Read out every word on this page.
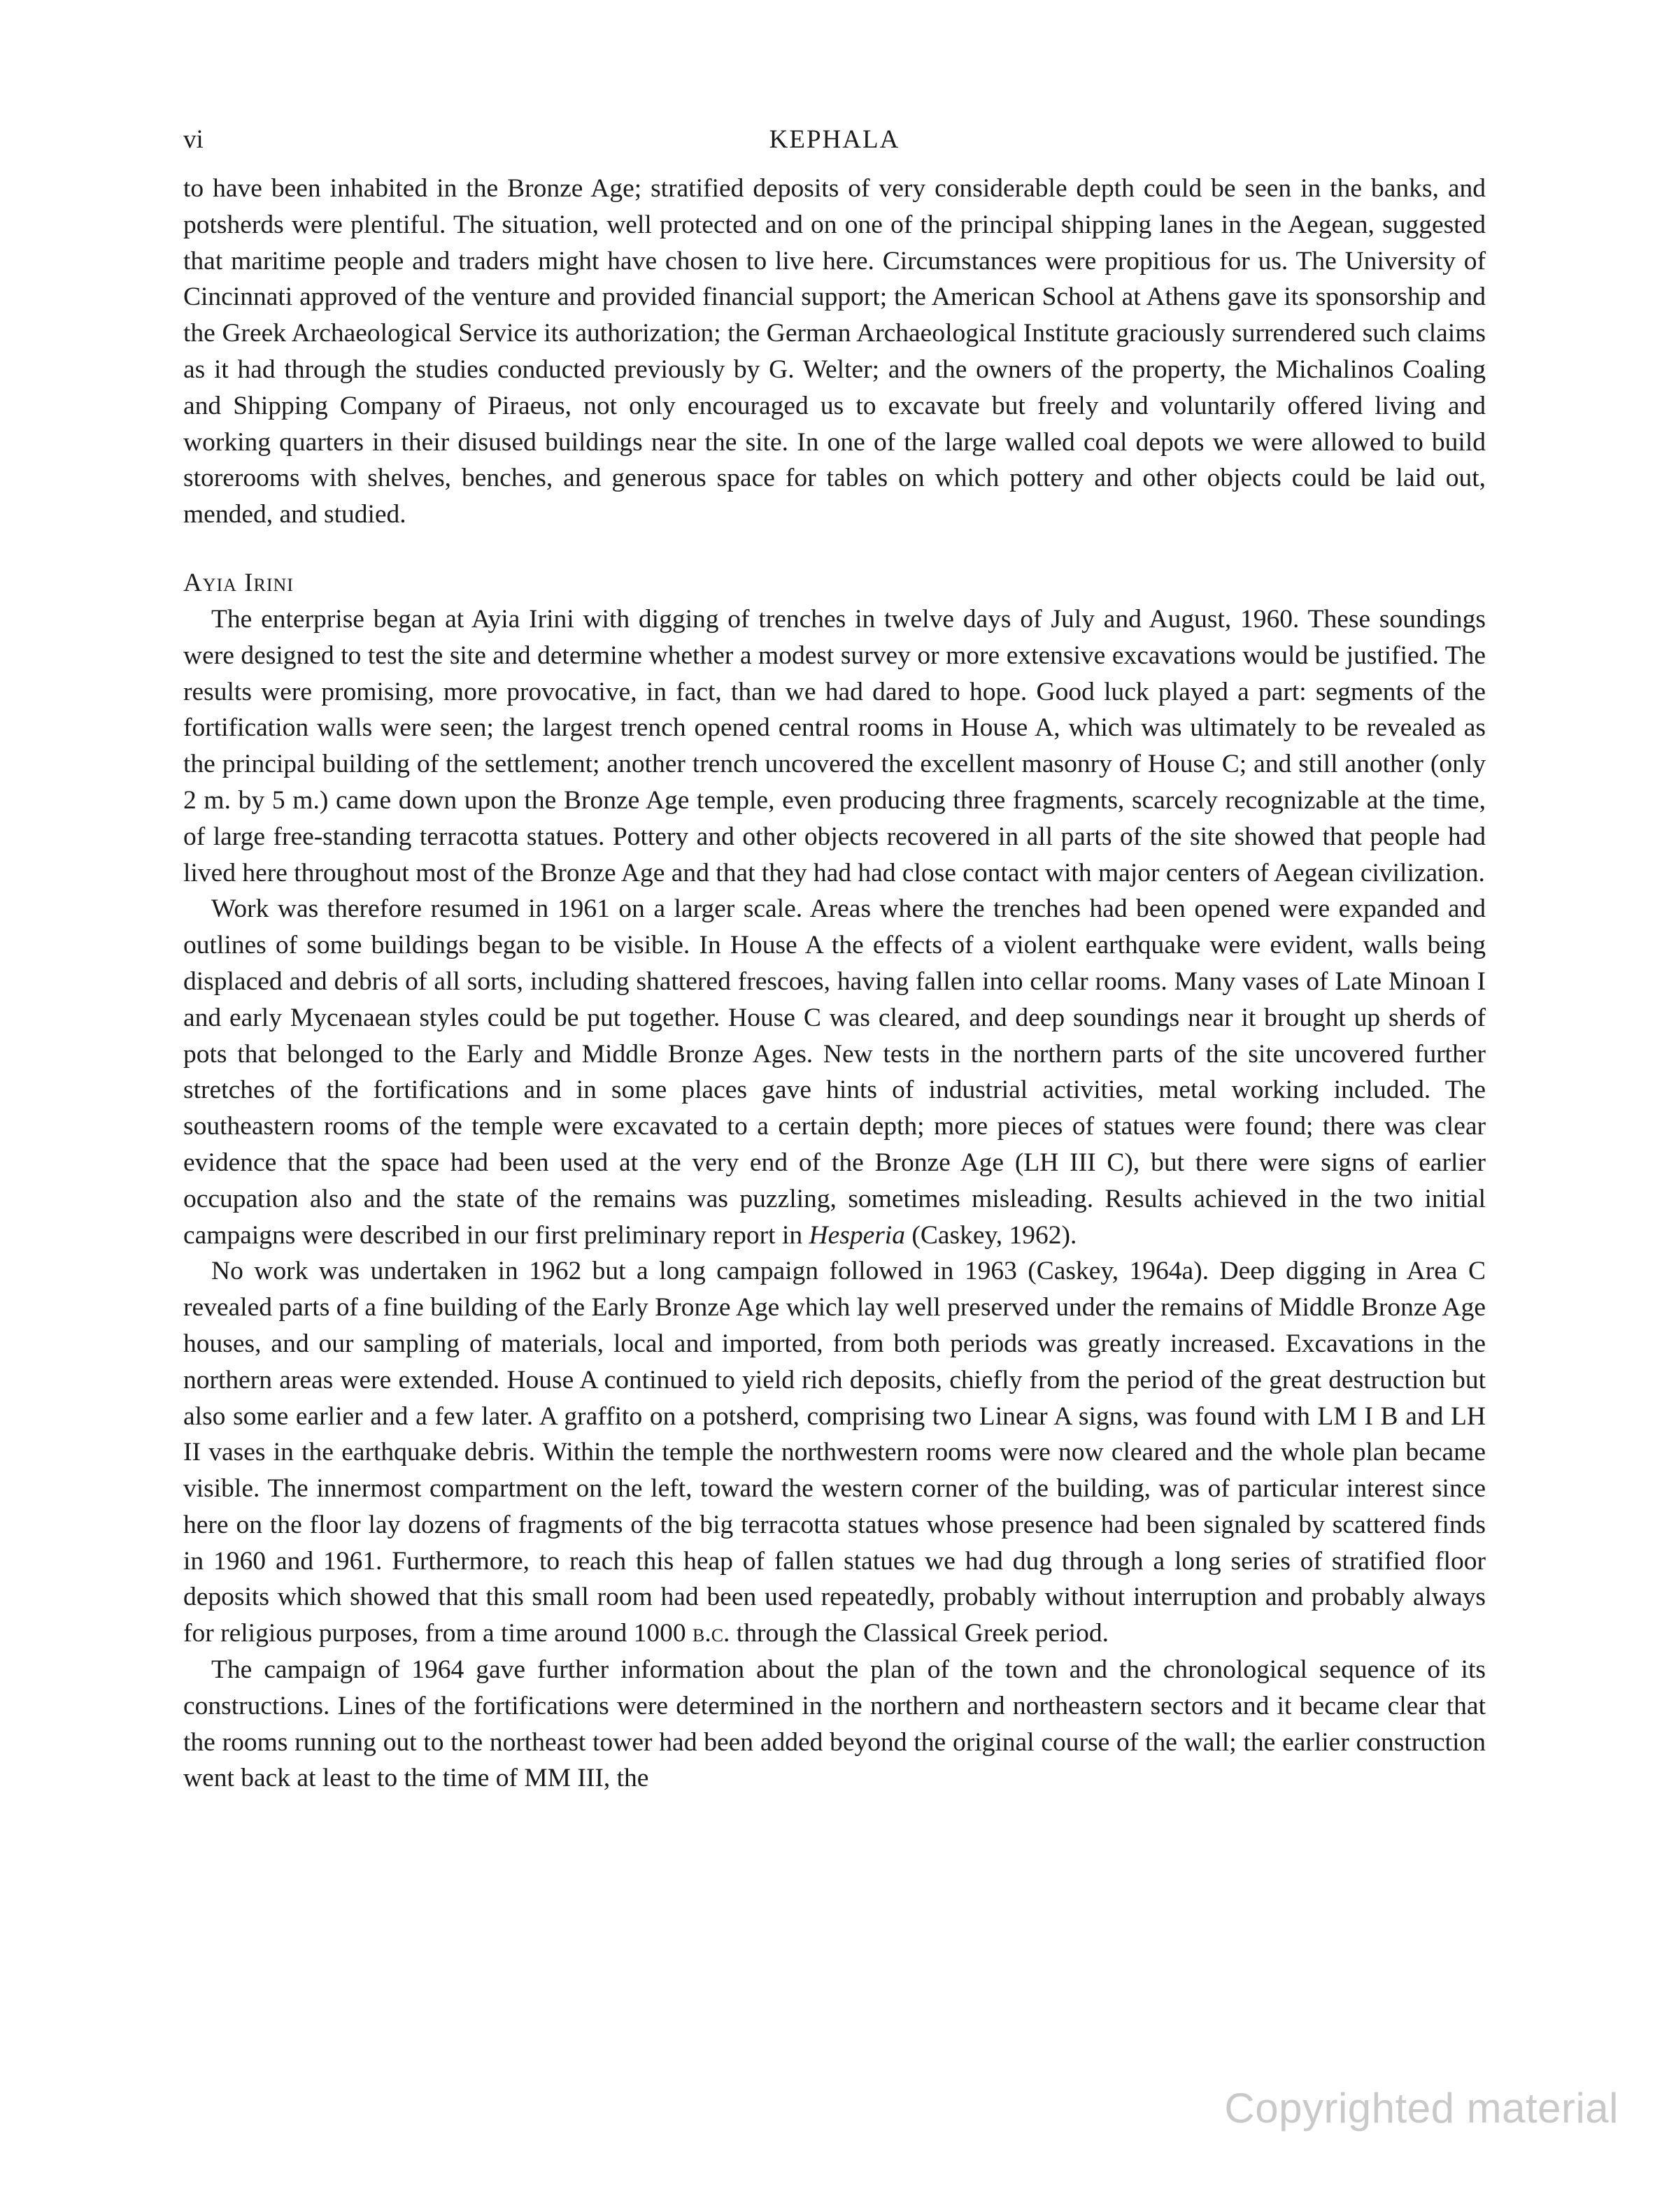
vi	KEPHALA

to have been inhabited in the Bronze Age; stratified deposits of very considerable depth could be seen in the banks, and potsherds were plentiful. The situation, well protected and on one of the principal shipping lanes in the Aegean, suggested that maritime people and traders might have chosen to live here. Circumstances were propitious for us. The University of Cincinnati approved of the venture and provided financial support; the American School at Athens gave its sponsorship and the Greek Archaeological Service its authorization; the German Archaeological Institute graciously surrendered such claims as it had through the studies conducted previously by G. Welter; and the owners of the property, the Michalinos Coaling and Shipping Company of Piraeus, not only encouraged us to excavate but freely and voluntarily offered living and working quarters in their disused buildings near the site. In one of the large walled coal depots we were allowed to build storerooms with shelves, benches, and generous space for tables on which pottery and other objects could be laid out, mended, and studied.

Ayia Irini

The enterprise began at Ayia Irini with digging of trenches in twelve days of July and August, 1960. These soundings were designed to test the site and determine whether a modest survey or more extensive excavations would be justified. The results were promising, more provocative, in fact, than we had dared to hope. Good luck played a part: segments of the fortification walls were seen; the largest trench opened central rooms in House A, which was ultimately to be revealed as the principal building of the settlement; another trench uncovered the excellent masonry of House C; and still another (only 2 m. by 5 m.) came down upon the Bronze Age temple, even producing three fragments, scarcely recognizable at the time, of large free-standing terracotta statues. Pottery and other objects recovered in all parts of the site showed that people had lived here throughout most of the Bronze Age and that they had had close contact with major centers of Aegean civilization.

Work was therefore resumed in 1961 on a larger scale. Areas where the trenches had been opened were expanded and outlines of some buildings began to be visible. In House A the effects of a violent earthquake were evident, walls being displaced and debris of all sorts, including shattered frescoes, having fallen into cellar rooms. Many vases of Late Minoan I and early Mycenaean styles could be put together. House C was cleared, and deep soundings near it brought up sherds of pots that belonged to the Early and Middle Bronze Ages. New tests in the northern parts of the site uncovered further stretches of the fortifications and in some places gave hints of industrial activities, metal working included. The southeastern rooms of the temple were excavated to a certain depth; more pieces of statues were found; there was clear evidence that the space had been used at the very end of the Bronze Age (LH III C), but there were signs of earlier occupation also and the state of the remains was puzzling, sometimes misleading. Results achieved in the two initial campaigns were described in our first preliminary report in Hesperia (Caskey, 1962).

No work was undertaken in 1962 but a long campaign followed in 1963 (Caskey, 1964a). Deep digging in Area C revealed parts of a fine building of the Early Bronze Age which lay well preserved under the remains of Middle Bronze Age houses, and our sampling of materials, local and imported, from both periods was greatly increased. Excavations in the northern areas were extended. House A continued to yield rich deposits, chiefly from the period of the great destruction but also some earlier and a few later. A graffito on a potsherd, comprising two Linear A signs, was found with LM I B and LH II vases in the earthquake debris. Within the temple the northwestern rooms were now cleared and the whole plan became visible. The innermost compartment on the left, toward the western corner of the building, was of particular interest since here on the floor lay dozens of fragments of the big terracotta statues whose presence had been signaled by scattered finds in 1960 and 1961. Furthermore, to reach this heap of fallen statues we had dug through a long series of stratified floor deposits which showed that this small room had been used repeatedly, probably without interruption and probably always for religious purposes, from a time around 1000 b.c. through the Classical Greek period.

The campaign of 1964 gave further information about the plan of the town and the chronological sequence of its constructions. Lines of the fortifications were determined in the northern and northeastern sectors and it became clear that the rooms running out to the northeast tower had been added beyond the original course of the wall; the earlier construction went back at least to the time of MM III, the

Copyrighted material
